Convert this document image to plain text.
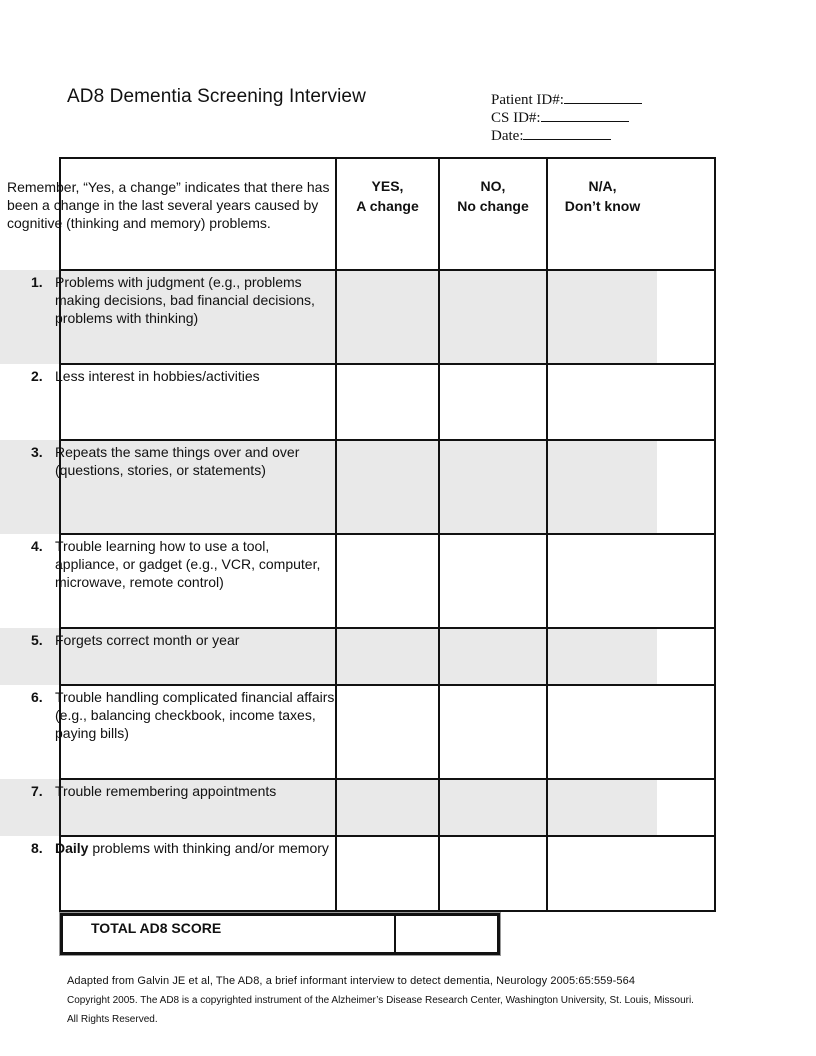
AD8 Dementia Screening Interview	Patient ID#:
CS ID#:
Date:
Remember, “Yes, a change” indicates that there has been a change in the last several years caused by cognitive (thinking and memory) problems.
YES,
A change
NO,
No change
N/A,
Don’t know
1. Problems with judgment (e.g., problems making decisions, bad financial decisions, problems with thinking)
2. Less interest in hobbies/activities
3. Repeats the same things over and over (questions, stories, or statements)
4. Trouble learning how to use a tool, appliance, or gadget (e.g., VCR, computer, microwave, remote control)
5. Forgets correct month or year
6. Trouble handling complicated financial affairs (e.g., balancing checkbook, income taxes, paying bills)
7. Trouble remembering appointments
8. Daily problems with thinking and/or memory
TOTAL AD8 SCORE
Adapted from Galvin JE et al, The AD8, a brief informant interview to detect dementia, Neurology 2005:65:559-564
Copyright 2005. The AD8 is a copyrighted instrument of the Alzheimer’s Disease Research Center, Washington University, St. Louis, Missouri.
All Rights Reserved.
